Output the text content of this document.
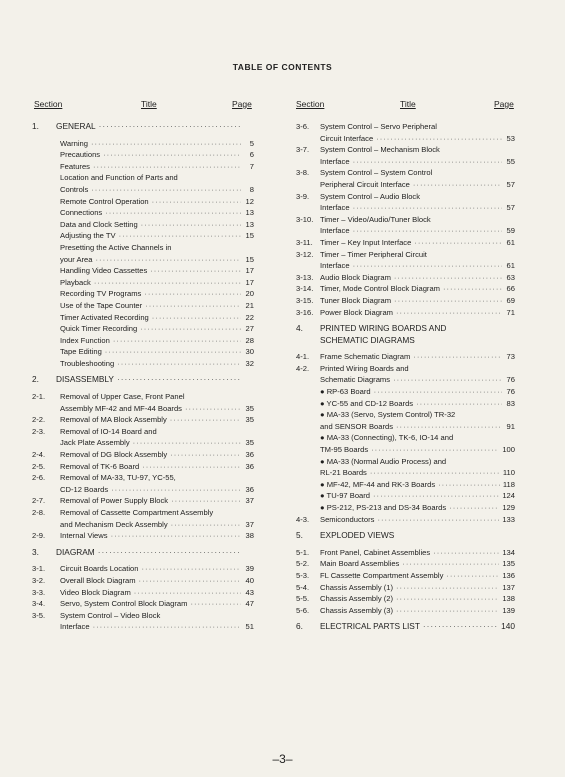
TABLE OF CONTENTS
Section	Title	Page	Section	Title	Page
1. GENERAL
·····
Warning ·····	5
Precautions ·····	6
Features ·····	7
Location and Function of Parts and
Controls ·····	8
Remote Control Operation ·····	12
Connections ·····	13
Data and Clock Setting ·····	13
Adjusting the TV ·····	15
Presetting the Active Channels in
your Area ·····	15
Handling Video Cassettes ·····	17
Playback ·····	17
Recording TV Programs ·····	20
Use of the Tape Counter ·····	21
Timer Activated Recording ·····	22
Quick Timer Recording ·····	27
Index Function ·····	28
Tape Editing ·····	30
Troubleshooting ·····	32
2. DISASSEMBLY
·····
2-1. Removal of Upper Case, Front Panel
Assembly MF-42 and MF-44 Boards ·····	35
2-2. Removal of MA Block Assembly ·····	35
2-3. Removal of IO-14 Board and
Jack Plate Assembly ·····	35
2-4. Removal of DG Block Assembly ·····	36
2-5. Removal of TK-6 Board ·····	36
2-6. Removal of MA-33, TU-97, YC-55,
CD-12 Boards ·····	36
2-7. Removal of Power Supply Block ·····	37
2-8. Removal of Cassette Compartment Assembly
and Mechanism Deck Assembly ·····	37
2-9. Internal Views ·····	38
3. DIAGRAM
·····
3-1. Circuit Boards Location ·····	39
3-2. Overall Block Diagram ·····	40
3-3. Video Block Diagram ·····	43
3-4. Servo, System Control Block Diagram ·····	47
3-5. System Control – Video Block
Interface ·····	51
3-6. System Control – Servo Peripheral
Circuit Interface ·····	53
3-7. System Control – Mechanism Block
Interface ·····	55
3-8. System Control – System Control
Peripheral Circuit Interface ·····	57
3-9. System Control – Audio Block
Interface ·····	57
3-10. Timer – Video/Audio/Tuner Block
Interface ·····	59
3-11. Timer – Key Input Interface ·····	61
3-12. Timer – Timer Peripheral Circuit
Interface ·····	61
3-13. Audio Block Diagram ·····	63
3-14. Timer, Mode Control Block Diagram ·····	66
3-15. Tuner Block Diagram ·····	69
3-16. Power Block Diagram ·····	71
4. PRINTED WIRING BOARDS AND
SCHEMATIC DIAGRAMS
4-1. Frame Schematic Diagram ·····	73
4-2. Printed Wiring Boards and
Schematic Diagrams ·····	76
● RP-63 Board ·····	76
● YC-55 and CD-12 Boards ·····	83
● MA-33 (Servo, System Control) TR-32
and SENSOR Boards ·····	91
● MA-33 (Connecting), TK-6, IO-14 and
TM-95 Boards ·····	100
● MA-33 (Normal Audio Process) and
RL-21 Boards ·····	110
● MF-42, MF-44 and RK-3 Boards ·····	118
● TU-97 Board ·····	124
● PS-212, PS-213 and DS-34 Boards ·····	129
4-3. Semiconductors ·····	133
5. EXPLODED VIEWS
5-1. Front Panel, Cabinet Assemblies ·····	134
5-2. Main Board Assemblies ·····	135
5-3. FL Cassette Compartment Assembly ·····	136
5-4. Chassis Assembly (1) ·····	137
5-5. Chassis Assembly (2) ·····	138
5-6. Chassis Assembly (3) ·····	139
6. ELECTRICAL PARTS LIST ·····	140
–3–
